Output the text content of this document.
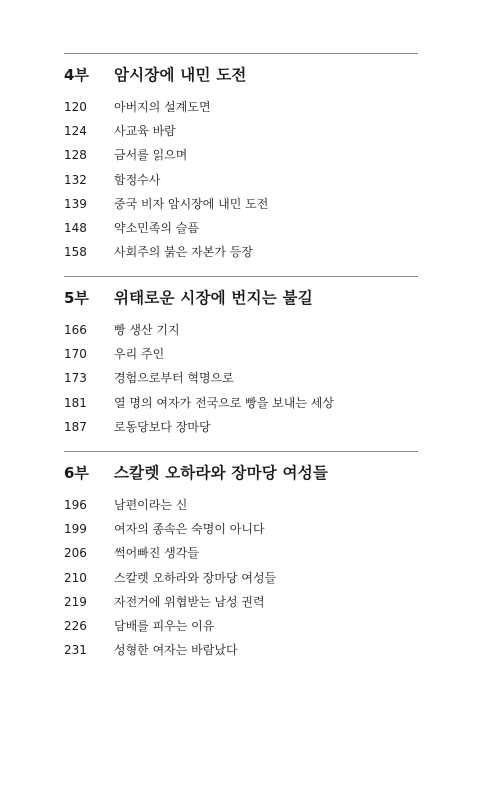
4부	암시장에 내민 도전
120	아버지의 설계도면
124	사교육 바람
128	금서를 읽으며
132	함정수사
139	중국 비자 암시장에 내민 도전
148	약소민족의 슬픔
158	사회주의 붉은 자본가 등장
5부	위태로운 시장에 번지는 불길
166	빵 생산 기지
170	우리 주인
173	경험으로부터 혁명으로
181	열 명의 여자가 전국으로 빵을 보내는 세상
187	로동당보다 장마당
6부	스칼렛 오하라와 장마당 여성들
196	남편이라는 신
199	여자의 종속은 숙명이 아니다
206	썩어빠진 생각들
210	스칼렛 오하라와 장마당 여성들
219	자전거에 위협받는 남성 권력
226	담배를 피우는 이유
231	성형한 여자는 바람났다
